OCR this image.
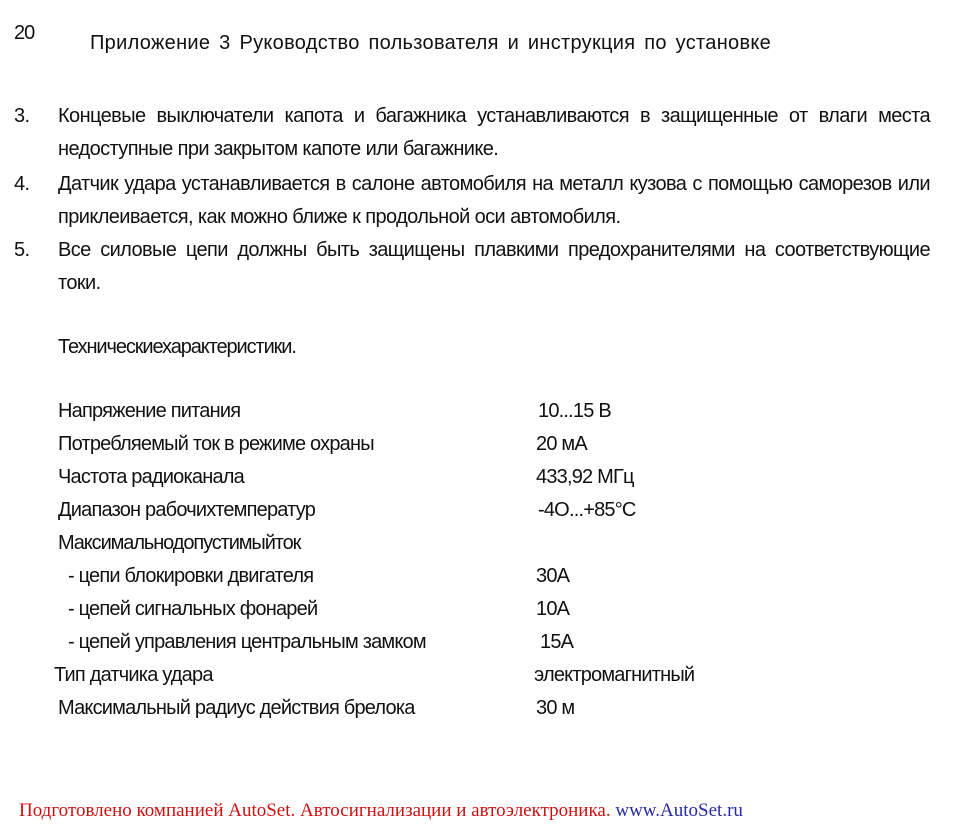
20	Приложение 3 Руководство пользователя и инструкция по установке
3. Концевые выключатели капота и багажника устанавливаются в защищенные от влаги места недоступные при закрытом капоте или багажнике.
4. Датчик удара устанавливается в салоне автомобиля на металл кузова с помощью саморезов или приклеивается, как можно ближе к продольной оси автомобиля.
5. Все силовые цепи должны быть защищены плавкими предохранителями на соответствующие токи.
Техническиехарактеристики.
Напряжение питания	10...15 В
Потребляемый ток в режиме охраны	20 мА
Частота радиоканала	433,92 МГц
Диапазон рабочихтемператур	-4О...+85°С
Максимальнодопустимыйток
- цепи блокировки двигателя	30А
- цепей сигнальных фонарей	10А
- цепей управления центральным замком	15А
Тип датчика удара	электромагнитный
Максимальный радиус действия брелока	30 м
Подготовлено компанией AutoSet. Автосигнализации и автоэлектроника. www.AutoSet.ru
